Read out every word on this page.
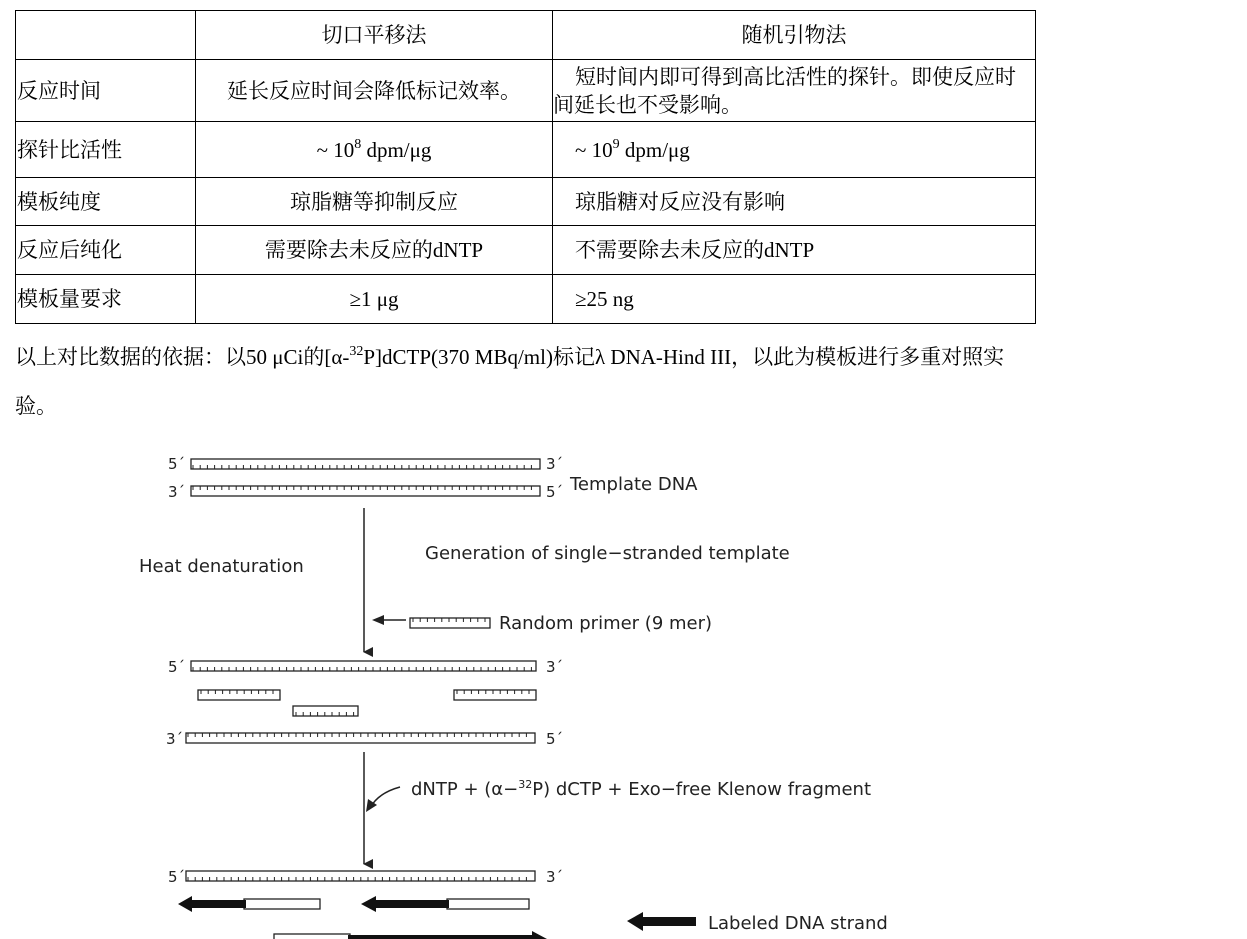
	切口平移法	随机引物法
反应时间	延长反应时间会降低标记效率。	短时间内即可得到高比活性的探针。即使反应时间延长也不受影响。
探针比活性	~ $10^8$ dpm/μg	~ $10^9$ dpm/μg
模板纯度	琼脂糖等抑制反应	琼脂糖对反应没有影响
反应后纯化	需要除去未反应的dNTP	不需要除去未反应的dNTP
模板量要求	≥1 μg	≥25 ng
以上对比数据的依据：以50 μCi的[α-$^{32}$P]dCTP(370 MBq/ml)标记λ DNA-Hind III，以此为模板进行多重对照实验。
5´	3´
3´	5´ Template DNA
Heat denaturation
Generation of single−stranded template
Random primer (9 mer)
5´	3´
3´	5´
dNTP + (α−$^{32}$P) dCTP + Exo−free Klenow fragment
5´	3´
Labeled DNA strand
